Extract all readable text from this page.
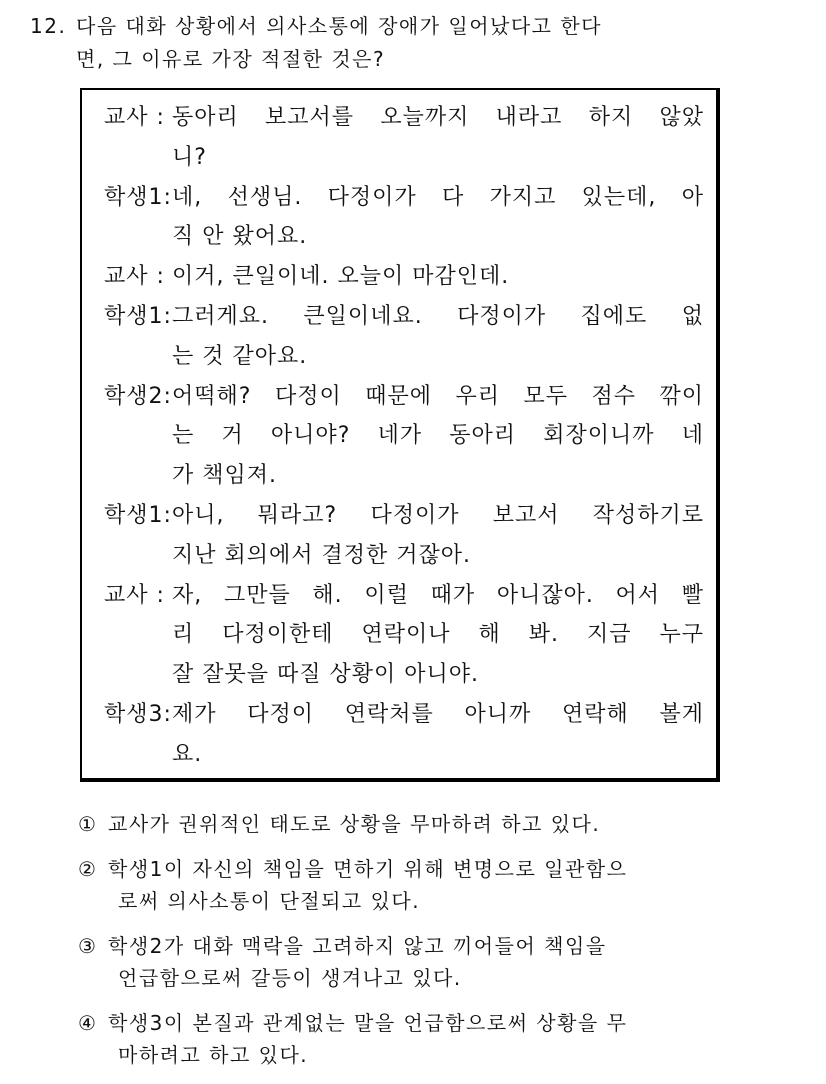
12. 다음 대화 상황에서 의사소통에 장애가 일어났다고 한다
면, 그 이유로 가장 적절한 것은?
교사 : 동아리 보고서를 오늘까지 내라고 하지 않았
니?
학생1: 네, 선생님. 다정이가 다 가지고 있는데, 아
직 안 왔어요.
교사 : 이거, 큰일이네. 오늘이 마감인데.
학생1: 그러게요. 큰일이네요. 다정이가 집에도 없
는 것 같아요.
학생2: 어떡해? 다정이 때문에 우리 모두 점수 깎이
는 거 아니야? 네가 동아리 회장이니까 네
가 책임져.
학생1: 아니, 뭐라고? 다정이가 보고서 작성하기로
지난 회의에서 결정한 거잖아.
교사 : 자, 그만들 해. 이럴 때가 아니잖아. 어서 빨
리 다정이한테 연락이나 해 봐. 지금 누구
잘 잘못을 따질 상황이 아니야.
학생3: 제가 다정이 연락처를 아니까 연락해 볼게
요.
① 교사가 권위적인 태도로 상황을 무마하려 하고 있다.
② 학생1이 자신의 책임을 면하기 위해 변명으로 일관함으
로써 의사소통이 단절되고 있다.
③ 학생2가 대화 맥락을 고려하지 않고 끼어들어 책임을
언급함으로써 갈등이 생겨나고 있다.
④ 학생3이 본질과 관계없는 말을 언급함으로써 상황을 무
마하려고 하고 있다.
